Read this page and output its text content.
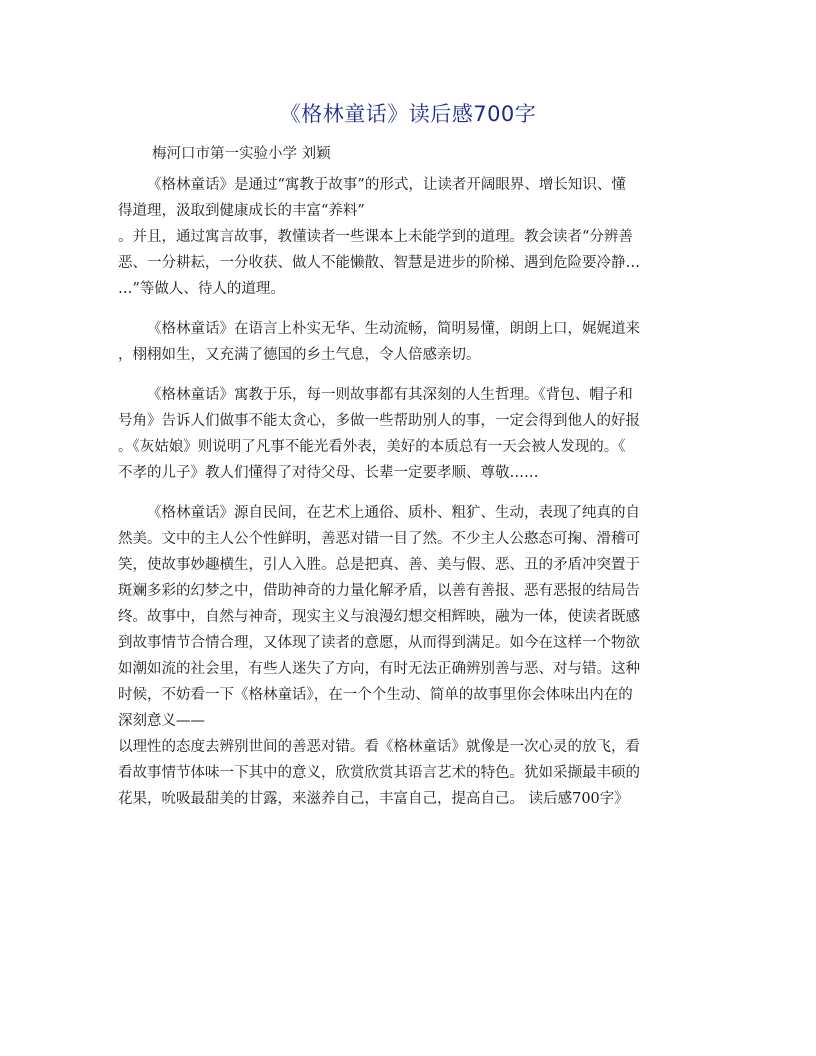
《格林童话》读后感700字
梅河口市第一实验小学 刘颖

《格林童话》是通过“寓教于故事”的形式，让读者开阔眼界、增长知识、懂
得道理，汲取到健康成长的丰富“养料”

。并且，通过寓言故事，教懂读者一些课本上未能学到的道理。教会读者“分辨善
恶、一分耕耘，一分收获、做人不能懒散、智慧是进步的阶梯、遇到危险要冷静…
…”等做人、待人的道理。

《格林童话》在语言上朴实无华、生动流畅，简明易懂，朗朗上口，娓娓道来
，栩栩如生，又充满了德国的乡土气息，令人倍感亲切。

《格林童话》寓教于乐，每一则故事都有其深刻的人生哲理。《背包、帽子和
号角》告诉人们做事不能太贪心，多做一些帮助别人的事，一定会得到他人的好报
。《灰姑娘》则说明了凡事不能光看外表，美好的本质总有一天会被人发现的。《
不孝的儿子》教人们懂得了对待父母、长辈一定要孝顺、尊敬……

《格林童话》源自民间，在艺术上通俗、质朴、粗犷、生动，表现了纯真的自
然美。文中的主人公个性鲜明，善恶对错一目了然。不少主人公憨态可掬、滑稽可
笑，使故事妙趣横生，引人入胜。总是把真、善、美与假、恶、丑的矛盾冲突置于
斑斓多彩的幻梦之中，借助神奇的力量化解矛盾，以善有善报、恶有恶报的结局告
终。故事中，自然与神奇，现实主义与浪漫幻想交相辉映，融为一体，使读者既感
到故事情节合情合理，又体现了读者的意愿，从而得到满足。如今在这样一个物欲
如潮如流的社会里，有些人迷失了方向，有时无法正确辨别善与恶、对与错。这种
时候，不妨看一下《格林童话》，在一个个生动、简单的故事里你会体味出内在的
深刻意义——

以理性的态度去辨别世间的善恶对错。看《格林童话》就像是一次心灵的放飞，看
看故事情节体味一下其中的意义，欣赏欣赏其语言艺术的特色。犹如采撷最丰硕的
花果，吮吸最甜美的甘露，来滋养自己，丰富自己，提高自己。 读后感700字》
